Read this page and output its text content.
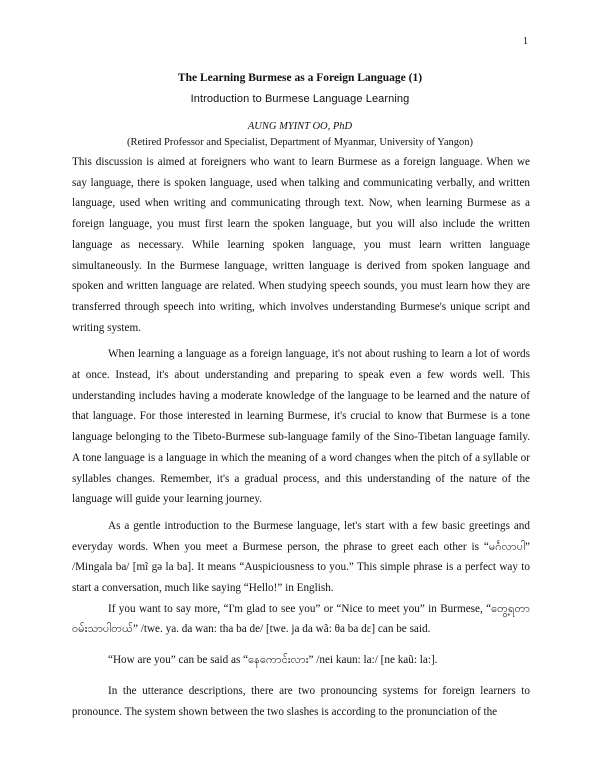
1
The Learning Burmese as a Foreign Language (1)
Introduction to Burmese Language Learning
AUNG MYINT OO, PhD
(Retired Professor and Specialist, Department of Myanmar, University of Yangon)

This discussion is aimed at foreigners who want to learn Burmese as a foreign language. When we say language, there is spoken language, used when talking and communicating verbally, and written language, used when writing and communicating through text. Now, when learning Burmese as a foreign language, you must first learn the spoken language, but you will also include the written language as necessary. While learning spoken language, you must learn written language simultaneously. In the Burmese language, written language is derived from spoken language and spoken and written language are related. When studying speech sounds, you must learn how they are transferred through speech into writing, which involves understanding Burmese's unique script and writing system.

When learning a language as a foreign language, it's not about rushing to learn a lot of words at once. Instead, it's about understanding and preparing to speak even a few words well. This understanding includes having a moderate knowledge of the language to be learned and the nature of that language. For those interested in learning Burmese, it's crucial to know that Burmese is a tone language belonging to the Tibeto-Burmese sub-language family of the Sino-Tibetan language family. A tone language is a language in which the meaning of a word changes when the pitch of a syllable or syllables changes. Remember, it's a gradual process, and this understanding of the nature of the language will guide your learning journey.

As a gentle introduction to the Burmese language, let's start with a few basic greetings and everyday words. When you meet a Burmese person, the phrase to greet each other is “မင်္ဂလာပါ” /Mingala ba/ [mĩ gə la ba]. It means “Auspiciousness to you.” This simple phrase is a perfect way to start a conversation, much like saying “Hello!” in English.

If you want to say more, “I'm glad to see you” or “Nice to meet you” in Burmese, “တွေ့ရတာဝမ်းသာပါတယ်” /twe. ya. da wan: tha ba de/ [twe. ja da wã: θa ba dɛ] can be said.

“How are you” can be said as “နေကောင်းလား” /nei kaun: la:/ [ne kaũ: la:].

In the utterance descriptions, there are two pronouncing systems for foreign learners to pronounce. The system shown between the two slashes is according to the pronunciation of the
